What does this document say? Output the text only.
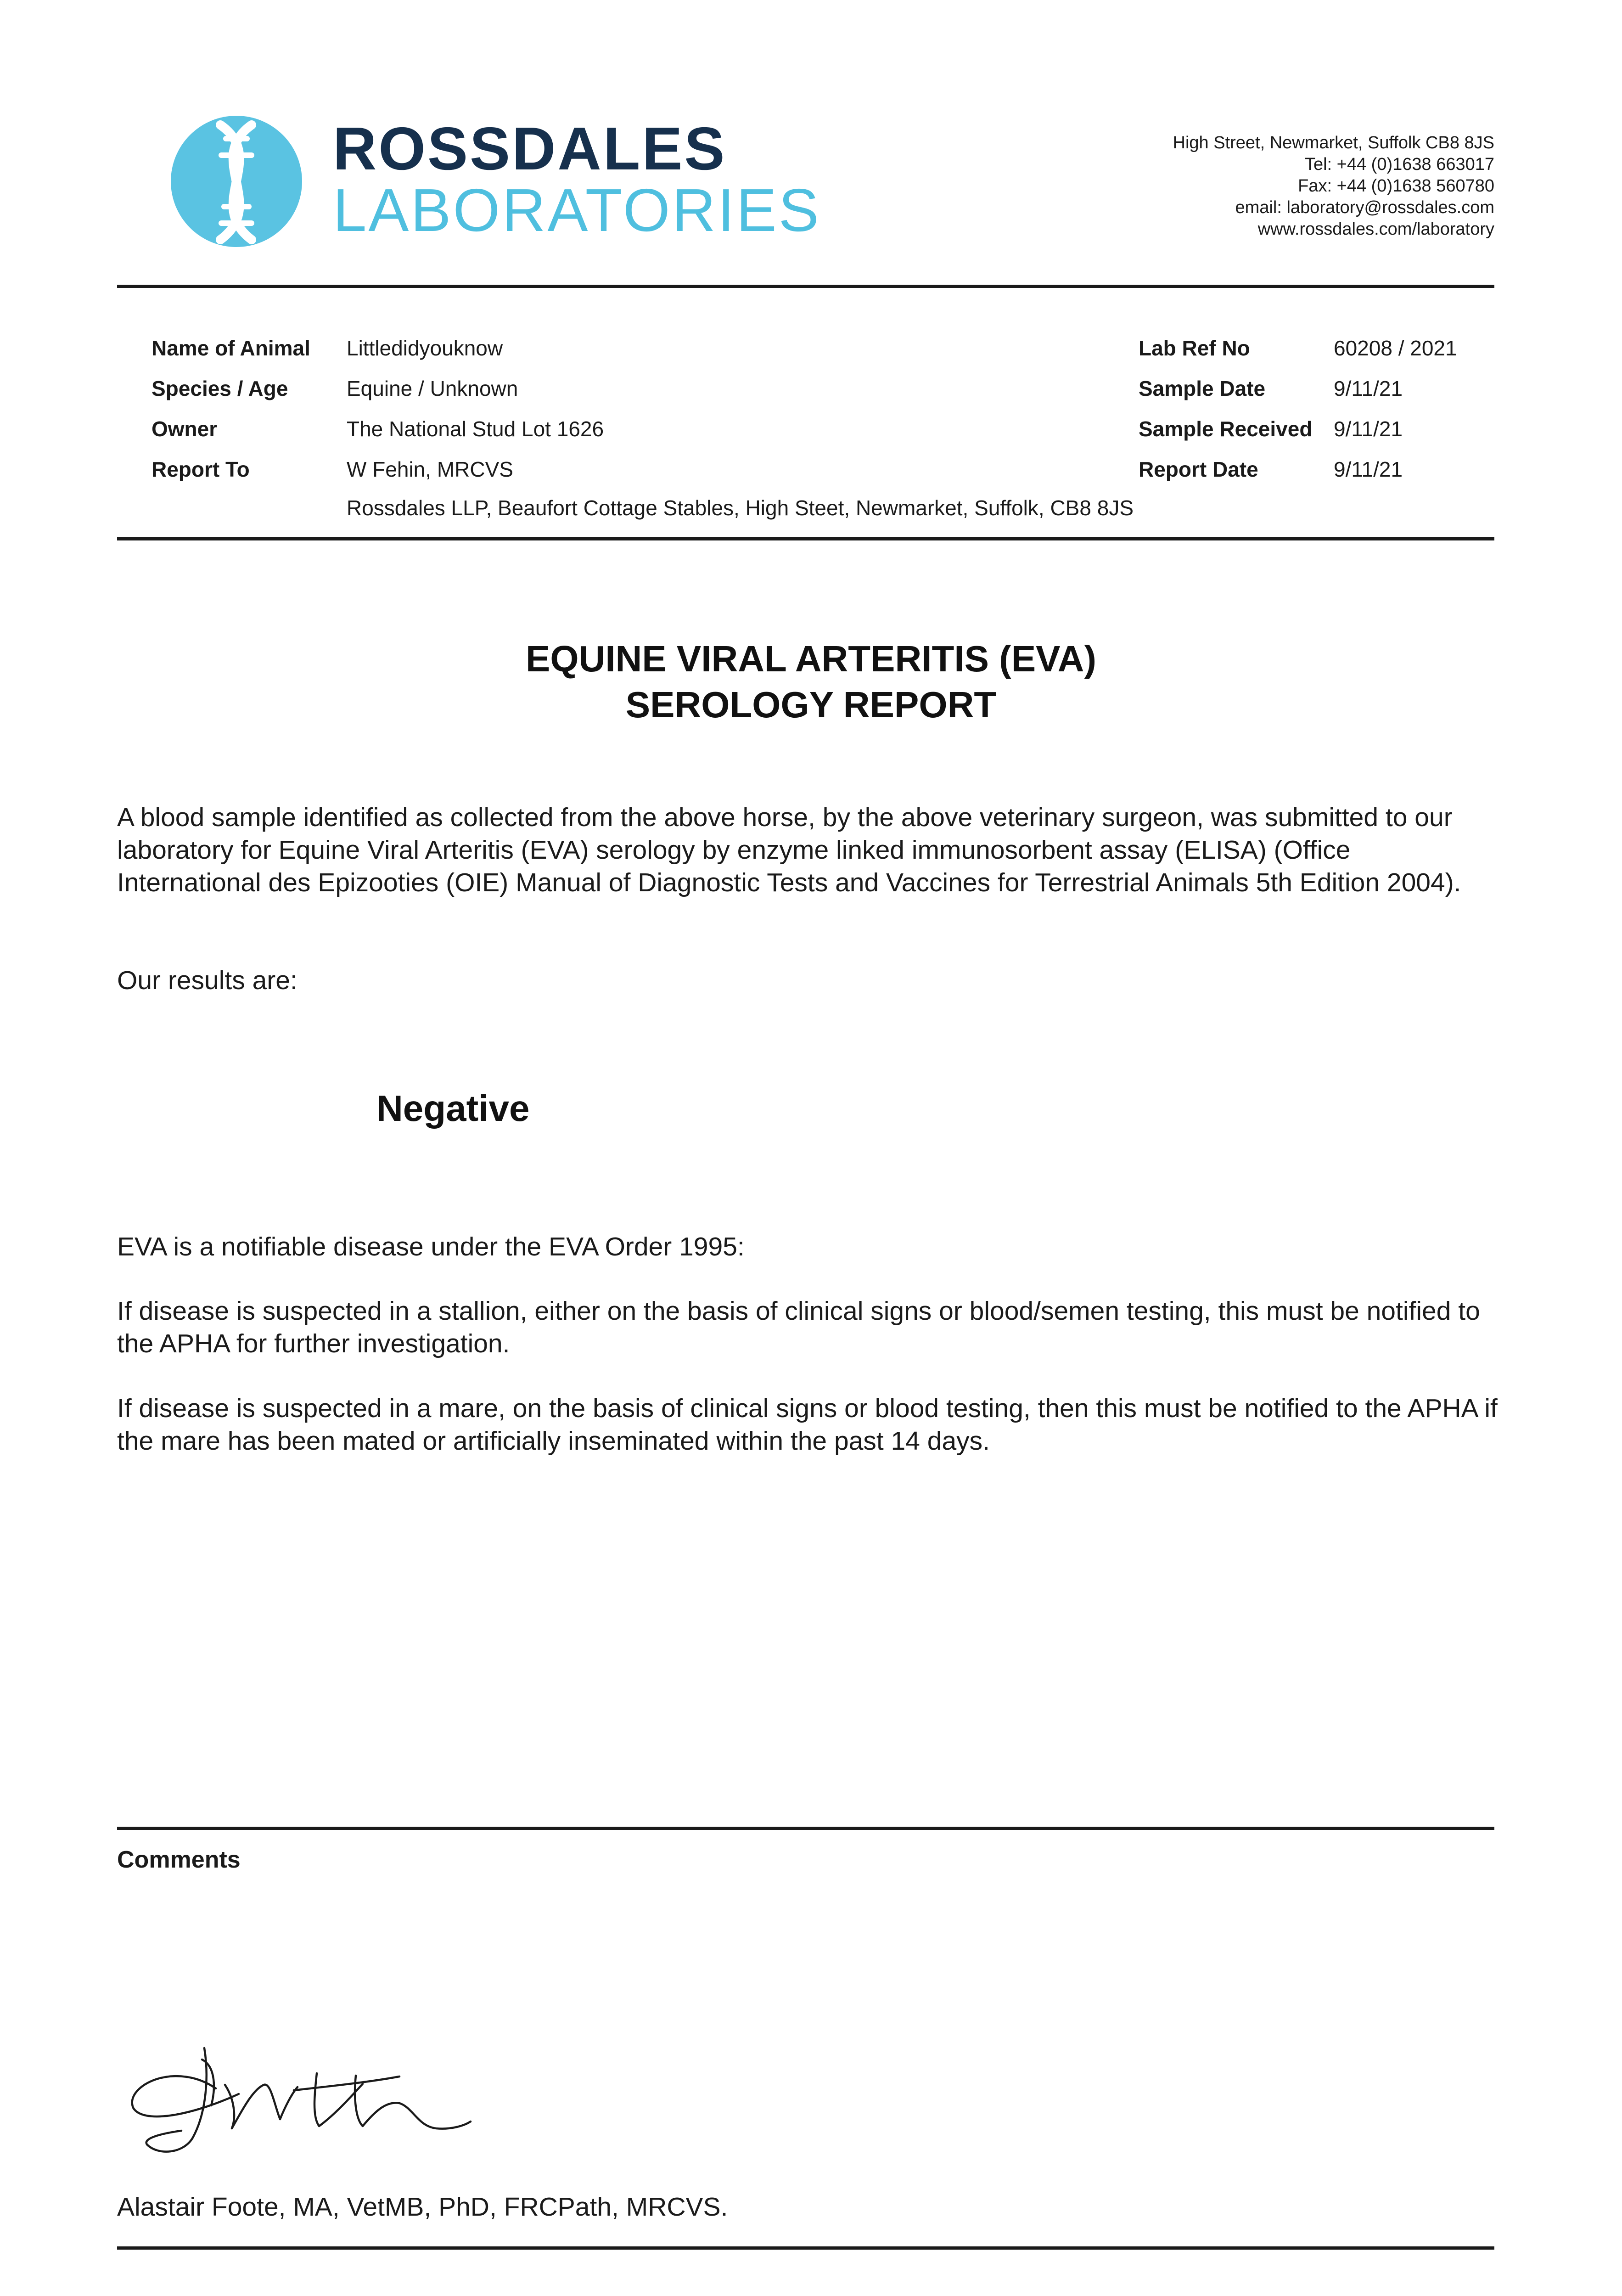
ROSSDALES
LABORATORIES
High Street, Newmarket, Suffolk CB8 8JS
Tel: +44 (0)1638 663017
Fax: +44 (0)1638 560780
email: laboratory@rossdales.com
www.rossdales.com/laboratory
Name of Animal Littledidyouknow
Species / Age	Equine / Unknown
Owner	The National Stud Lot 1626
Report To	W Fehin, MRCVS
Rossdales LLP, Beaufort Cottage Stables, High Steet, Newmarket, Suffolk, CB8 8JS
Lab Ref No	60208 / 2021
Sample Date	9/11/21
Sample Received 9/11/21
Report Date	9/11/21
EQUINE VIRAL ARTERITIS (EVA)
SEROLOGY REPORT
A blood sample identified as collected from the above horse, by the above veterinary surgeon, was submitted to our laboratory for Equine Viral Arteritis (EVA) serology by enzyme linked immunosorbent assay (ELISA) (Office International des Epizooties (OIE) Manual of Diagnostic Tests and Vaccines for Terrestrial Animals 5th Edition 2004).
Our results are:
Negative
EVA is a notifiable disease under the EVA Order 1995:
If disease is suspected in a stallion, either on the basis of clinical signs or blood/semen testing, this must be notified to the APHA for further investigation.
If disease is suspected in a mare, on the basis of clinical signs or blood testing, then this must be notified to the APHA if the mare has been mated or artificially inseminated within the past 14 days.
Comments
Alastair Foote, MA, VetMB, PhD, FRCPath, MRCVS.
